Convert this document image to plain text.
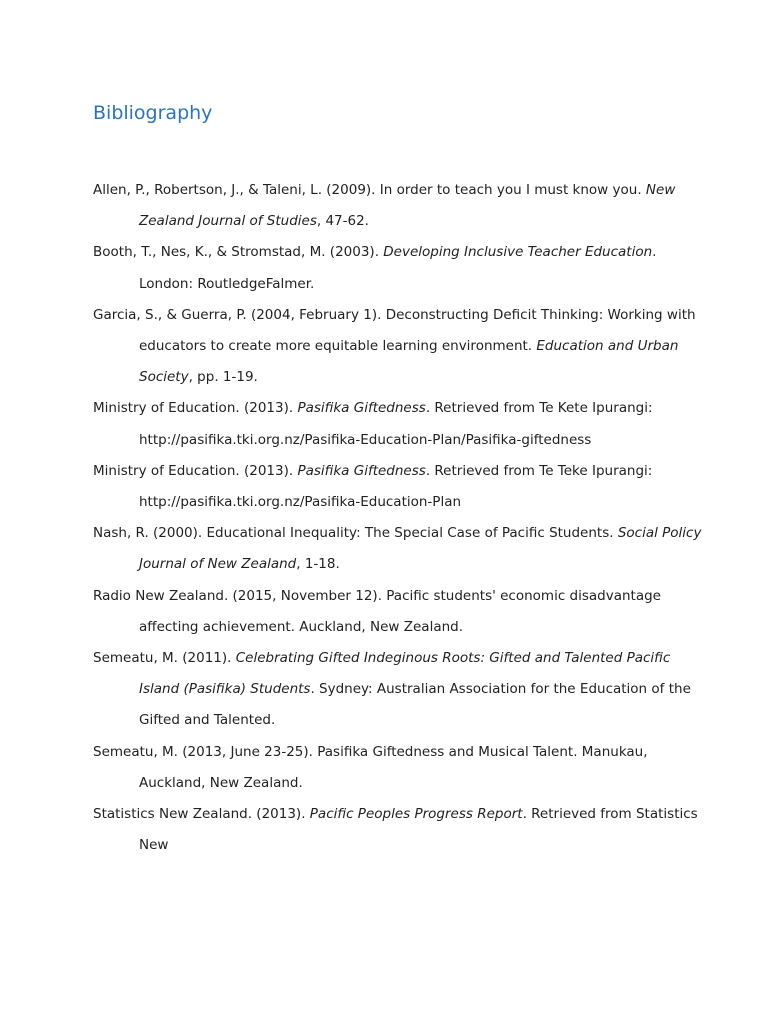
Bibliography
Allen, P., Robertson, J., & Taleni, L. (2009). In order to teach you I must know you. New Zealand Journal of Studies, 47-62.
Booth, T., Nes, K., & Stromstad, M. (2003). Developing Inclusive Teacher Education. London: RoutledgeFalmer.
Garcia, S., & Guerra, P. (2004, February 1). Deconstructing Deficit Thinking: Working with educators to create more equitable learning environment. Education and Urban Society, pp. 1-19.
Ministry of Education. (2013). Pasifika Giftedness. Retrieved from Te Kete Ipurangi: http://pasifika.tki.org.nz/Pasifika-Education-Plan/Pasifika-giftedness
Ministry of Education. (2013). Pasifika Giftedness. Retrieved from Te Teke Ipurangi: http://pasifika.tki.org.nz/Pasifika-Education-Plan
Nash, R. (2000). Educational Inequality: The Special Case of Pacific Students. Social Policy Journal of New Zealand, 1-18.
Radio New Zealand. (2015, November 12). Pacific students' economic disadvantage affecting achievement. Auckland, New Zealand.
Semeatu, M. (2011). Celebrating Gifted Indeginous Roots: Gifted and Talented Pacific Island (Pasifika) Students. Sydney: Australian Association for the Education of the Gifted and Talented.
Semeatu, M. (2013, June 23-25). Pasifika Giftedness and Musical Talent. Manukau, Auckland, New Zealand.
Statistics New Zealand. (2013). Pacific Peoples Progress Report. Retrieved from Statistics New
